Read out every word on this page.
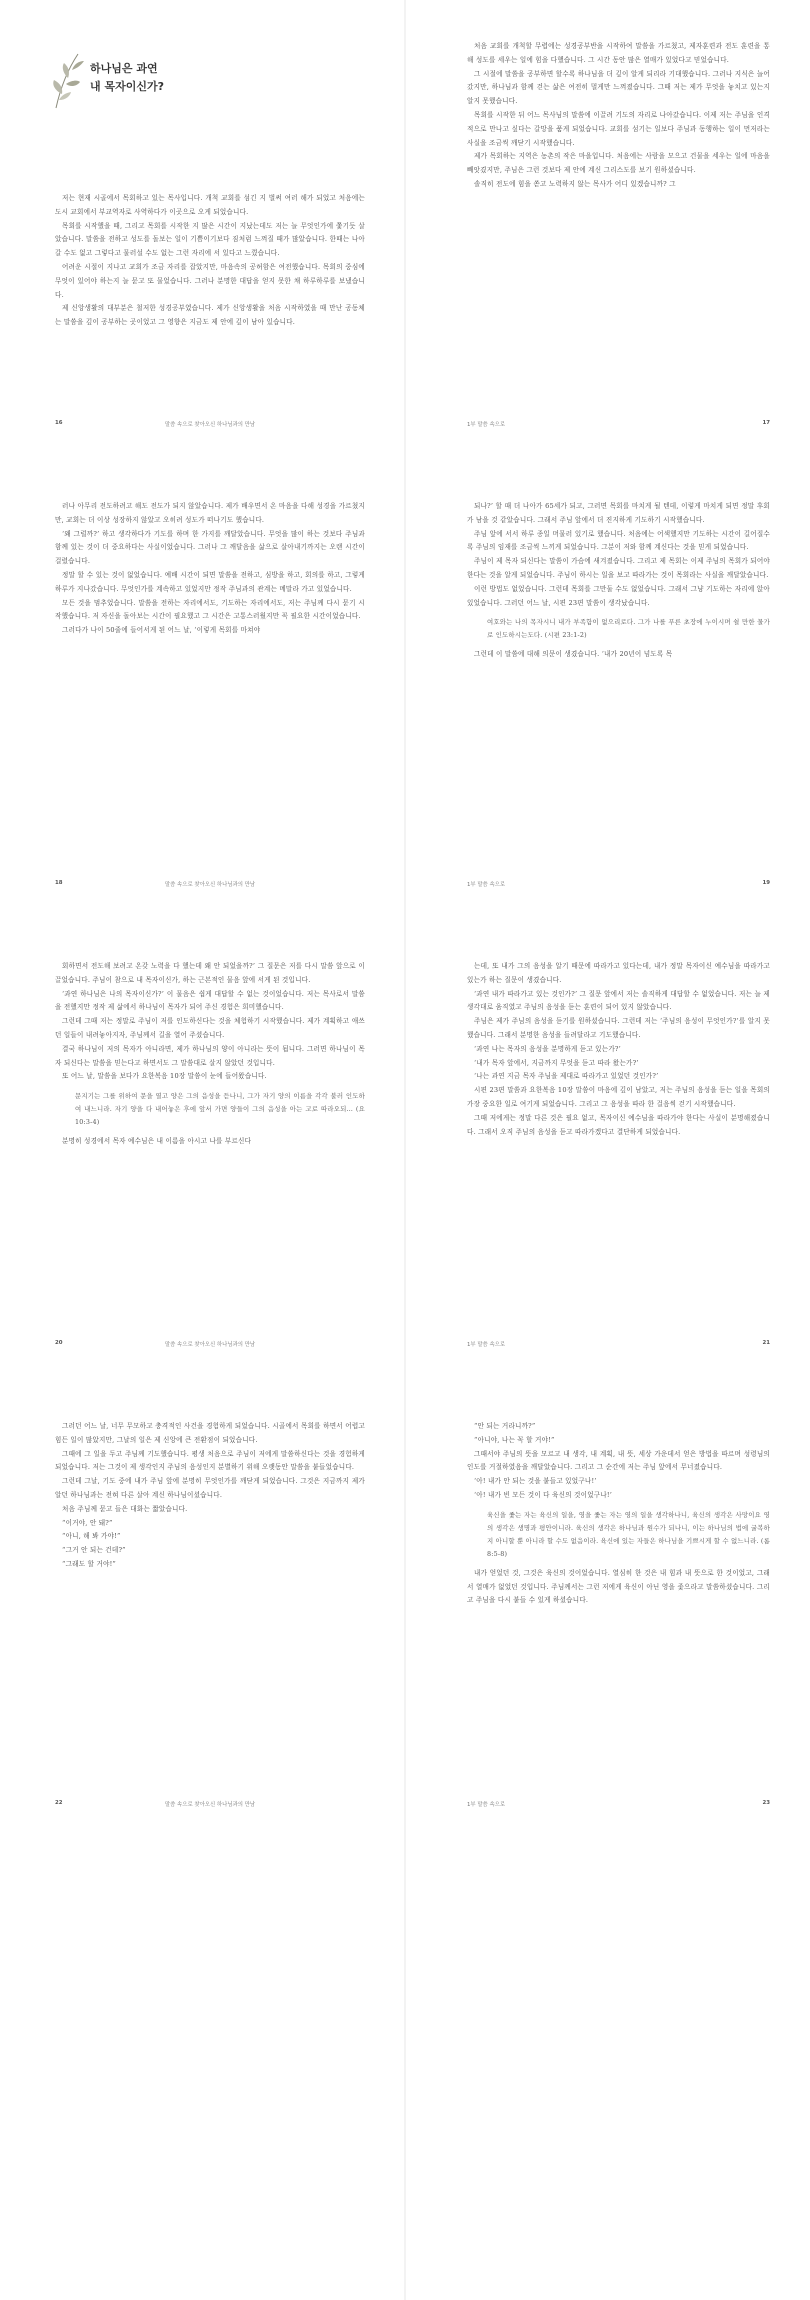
하나님은 과연
내 목자이신가?

저는 현재 시골에서 목회하고 있는 목사입니다. 개척 교회를 섬긴 지 벌써 여러 해가 되었고 처음에는 도시 교회에서 부교역자로 사역하다가 이곳으로 오게 되었습니다.

목회를 시작했을 때, 그리고 목회를 시작한 지 많은 시간이 지났는데도 저는 늘 무엇인가에 쫓기듯 살았습니다. 말씀을 전하고 성도를 돌보는 일이 기쁨이기보다 짐처럼 느껴질 때가 많았습니다. 한때는 나아갈 수도 없고 그렇다고 물러설 수도 없는 그런 자리에 서 있다고 느꼈습니다.

어려운 시절이 지나고 교회가 조금 자리를 잡았지만, 마음속의 공허함은 여전했습니다. 목회의 중심에 무엇이 있어야 하는지 늘 묻고 또 물었습니다. 그러나 분명한 대답을 얻지 못한 채 하루하루를 보냈습니다.

제 신앙생활의 대부분은 철저한 성경공부였습니다. 제가 신앙생활을 처음 시작하였을 때 만난 공동체는 말씀을 깊이 공부하는 곳이었고 그 영향은 지금도 제 안에 깊이 남아 있습니다.

16	말씀 속으로 찾아오신 하나님과의 만남

처음 교회를 개척할 무렵에는 성경공부반을 시작하여 말씀을 가르쳤고, 제자훈련과 전도 훈련을 통해 성도를 세우는 일에 힘을 다했습니다. 그 시간 동안 많은 열매가 있었다고 믿었습니다.

그 시절에 말씀을 공부하면 할수록 하나님을 더 깊이 알게 되리라 기대했습니다. 그러나 지식은 늘어갔지만, 하나님과 함께 걷는 삶은 여전히 멀게만 느껴졌습니다. 그때 저는 제가 무엇을 놓치고 있는지 알지 못했습니다.

목회를 시작한 뒤 어느 목사님의 말씀에 이끌려 기도의 자리로 나아갔습니다. 이제 저는 주님을 인격적으로 만나고 싶다는 갈망을 품게 되었습니다. 교회를 섬기는 일보다 주님과 동행하는 일이 먼저라는 사실을 조금씩 깨닫기 시작했습니다.

제가 목회하는 지역은 농촌의 작은 마을입니다. 처음에는 사람을 모으고 건물을 세우는 일에 마음을 빼앗겼지만, 주님은 그런 것보다 제 안에 계신 그리스도를 보기 원하셨습니다.

솔직히 전도에 힘을 쏟고 노력하지 않는 목사가 어디 있겠습니까? 그

1부 말씀 속으로	17

러나 아무리 전도하려고 해도 전도가 되지 않았습니다. 제가 배우면서 온 마음을 다해 성경을 가르쳤지만, 교회는 더 이상 성장하지 않았고 오히려 성도가 떠나기도 했습니다.

‘왜 그럴까?’ 하고 생각하다가 기도를 하며 한 가지를 깨달았습니다. 무엇을 많이 하는 것보다 주님과 함께 있는 것이 더 중요하다는 사실이었습니다. 그러나 그 깨달음을 삶으로 살아내기까지는 오랜 시간이 걸렸습니다.

정말 할 수 있는 것이 없었습니다. 예배 시간이 되면 말씀을 전하고, 심방을 하고, 회의를 하고, 그렇게 하루가 지나갔습니다. 무엇인가를 계속하고 있었지만 정작 주님과의 관계는 메말라 가고 있었습니다.

모든 것을 멈추었습니다. 말씀을 전하는 자리에서도, 기도하는 자리에서도, 저는 주님께 다시 묻기 시작했습니다. 저 자신을 돌아보는 시간이 필요했고 그 시간은 고통스러웠지만 꼭 필요한 시간이었습니다.

그러다가 나이 50줄에 들어서게 된 어느 날, ‘이렇게 목회를 마쳐야

18	말씀 속으로 찾아오신 하나님과의 만남

되나?’ 할 때 더 나아가 65세가 되고, 그러면 목회를 마치게 될 텐데, 이렇게 마치게 되면 정말 후회가 남을 것 같았습니다. 그래서 주님 앞에서 더 진지하게 기도하기 시작했습니다.

주님 앞에 서서 하루 종일 머물러 있기로 했습니다. 처음에는 어색했지만 기도하는 시간이 길어질수록 주님의 임재를 조금씩 느끼게 되었습니다. 그분이 저와 함께 계신다는 것을 믿게 되었습니다.

주님이 제 목자 되신다는 말씀이 가슴에 새겨졌습니다. 그리고 제 목회는 이제 주님의 목회가 되어야 한다는 것을 알게 되었습니다. 주님이 하시는 일을 보고 따라가는 것이 목회라는 사실을 깨달았습니다.

이런 방법도 없었습니다. 그런데 목회를 그만둘 수도 없었습니다. 그래서 그냥 기도하는 자리에 앉아 있었습니다. 그러던 어느 날, 시편 23편 말씀이 생각났습니다.

여호와는 나의 목자시니 내가 부족함이 없으리로다. 그가 나를 푸른 초장에 누이시며 쉴 만한 물가로 인도하시는도다. (시편 23:1-2)

그런데 이 말씀에 대해 의문이 생겼습니다. ‘내가 20년이 넘도록 목

1부 말씀 속으로	19

회하면서 전도해 보려고 온갖 노력을 다 했는데 왜 안 되었을까?’ 그 질문은 저를 다시 말씀 앞으로 이끌었습니다. 주님이 참으로 내 목자이신가, 하는 근본적인 물음 앞에 서게 된 것입니다.

‘과연 하나님은 나의 목자이신가?’ 이 물음은 쉽게 대답할 수 없는 것이었습니다. 저는 목사로서 말씀을 전했지만 정작 제 삶에서 하나님이 목자가 되어 주신 경험은 희미했습니다.

그런데 그때 저는 정말로 주님이 저를 인도하신다는 것을 체험하기 시작했습니다. 제가 계획하고 애쓰던 일들이 내려놓아지자, 주님께서 길을 열어 주셨습니다.

결국 하나님이 저의 목자가 아니라면, 제가 하나님의 양이 아니라는 뜻이 됩니다. 그러면 하나님이 목자 되신다는 말씀을 믿는다고 하면서도 그 말씀대로 살지 않았던 것입니다.

또 어느 날, 말씀을 보다가 요한복음 10장 말씀이 눈에 들어왔습니다.

문지기는 그를 위하여 문을 열고 양은 그의 음성을 듣나니, 그가 자기 양의 이름을 각각 불러 인도하여 내느니라. 자기 양을 다 내어놓은 후에 앞서 가면 양들이 그의 음성을 아는 고로 따라오되… (요 10:3-4)

분명히 성경에서 목자 예수님은 내 이름을 아시고 나를 부르신다

20	말씀 속으로 찾아오신 하나님과의 만남

는데, 또 내가 그의 음성을 알기 때문에 따라가고 있다는데, 내가 정말 목자이신 예수님을 따라가고 있는가 하는 질문이 생겼습니다.

‘과연 내가 따라가고 있는 것인가?’ 그 질문 앞에서 저는 솔직하게 대답할 수 없었습니다. 저는 늘 제 생각대로 움직였고 주님의 음성을 듣는 훈련이 되어 있지 않았습니다.

주님은 제가 주님의 음성을 듣기를 원하셨습니다. 그런데 저는 ‘주님의 음성이 무엇인가?’를 알지 못했습니다. 그래서 분명한 음성을 들려달라고 기도했습니다.

‘과연 나는 목자의 음성을 분명하게 듣고 있는가?’

‘내가 목자 앞에서, 지금까지 무엇을 듣고 따라 왔는가?’

‘나는 과연 지금 목자 주님을 제대로 따라가고 있었던 것인가?’

시편 23편 말씀과 요한복음 10장 말씀이 마음에 깊이 남았고, 저는 주님의 음성을 듣는 일을 목회의 가장 중요한 일로 여기게 되었습니다. 그리고 그 음성을 따라 한 걸음씩 걷기 시작했습니다.

그때 저에게는 정말 다른 것은 필요 없고, 목자이신 예수님을 따라가야 한다는 사실이 분명해졌습니다. 그래서 오직 주님의 음성을 듣고 따라가겠다고 결단하게 되었습니다.

1부 말씀 속으로	21

그러던 어느 날, 너무 무모하고 충격적인 사건을 경험하게 되었습니다. 시골에서 목회를 하면서 어렵고 힘든 일이 많았지만, 그날의 일은 제 신앙에 큰 전환점이 되었습니다.

그때에 그 일을 두고 주님께 기도했습니다. 평생 처음으로 주님이 저에게 말씀하신다는 것을 경험하게 되었습니다. 저는 그것이 제 생각인지 주님의 음성인지 분별하기 위해 오랫동안 말씀을 붙들었습니다.

그런데 그날, 기도 중에 내가 주님 앞에 분명히 무엇인가를 깨닫게 되었습니다. 그것은 지금까지 제가 알던 하나님과는 전혀 다른 살아 계신 하나님이셨습니다.

처음 주님께 묻고 들은 대화는 짧았습니다.

“이거야, 안 돼?”

“아니, 해 봐 가야!”

“그거 안 되는 건데?”

“그래도 할 거야!”

22	말씀 속으로 찾아오신 하나님과의 만남

“안 되는 거라니까?”

“아니야, 나는 꼭 할 거야!”

그때서야 주님의 뜻을 모르고 내 생각, 내 계획, 내 뜻, 세상 가운데서 얻은 방법을 따르며 성령님의 인도를 거절하였음을 깨달았습니다. 그리고 그 순간에 저는 주님 앞에서 무너졌습니다.

‘아! 내가 안 되는 것을 붙들고 있었구나!’

‘아! 내가 빈 모든 것이 다 육신의 것이었구나!’

육신을 좇는 자는 육신의 일을, 영을 좇는 자는 영의 일을 생각하나니, 육신의 생각은 사망이요 영의 생각은 생명과 평안이니라. 육신의 생각은 하나님과 원수가 되나니, 이는 하나님의 법에 굴복하지 아니할 뿐 아니라 할 수도 없음이라. 육신에 있는 자들은 하나님을 기쁘시게 할 수 없느니라. (롬 8:5-8)

내가 얻었던 것, 그것은 육신의 것이었습니다. 열심히 한 것은 내 힘과 내 뜻으로 한 것이었고, 그래서 열매가 없었던 것입니다. 주님께서는 그런 저에게 육신이 아닌 영을 좇으라고 말씀하셨습니다. 그리고 주님을 다시 붙들 수 있게 하셨습니다.

1부 말씀 속으로	23
